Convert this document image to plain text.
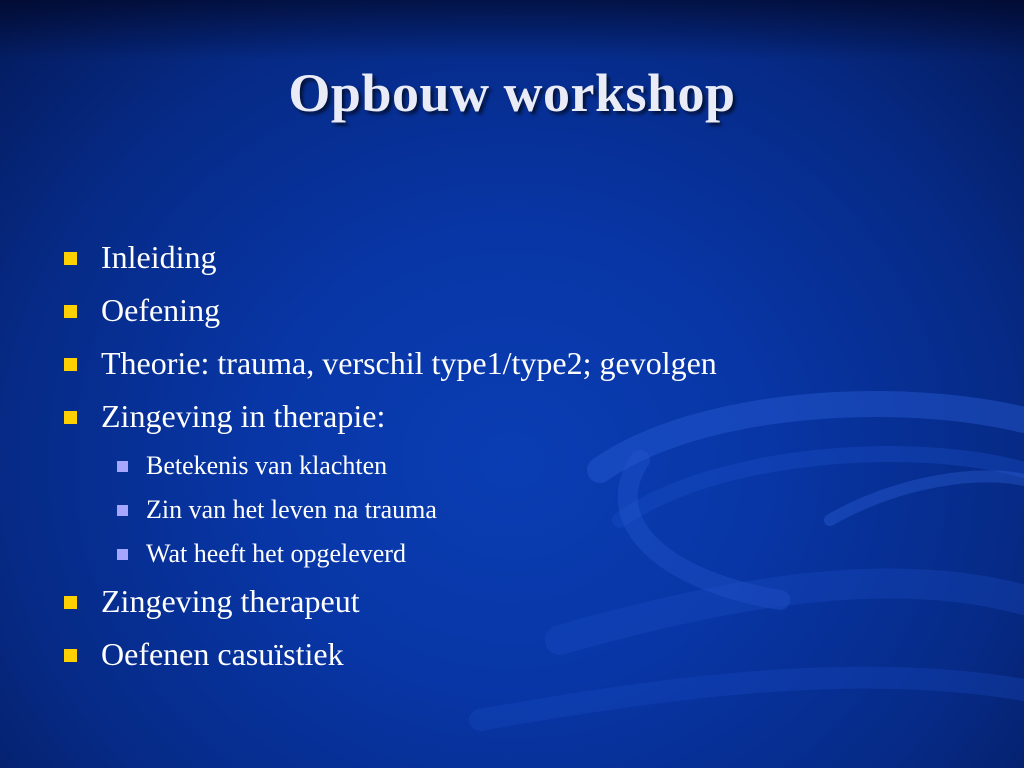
Opbouw workshop
Inleiding
Oefening
Theorie: trauma, verschil type1/type2; gevolgen
Zingeving in therapie:
Betekenis van klachten
Zin van het leven na trauma
Wat heeft het opgeleverd
Zingeving therapeut
Oefenen casuïstiek
